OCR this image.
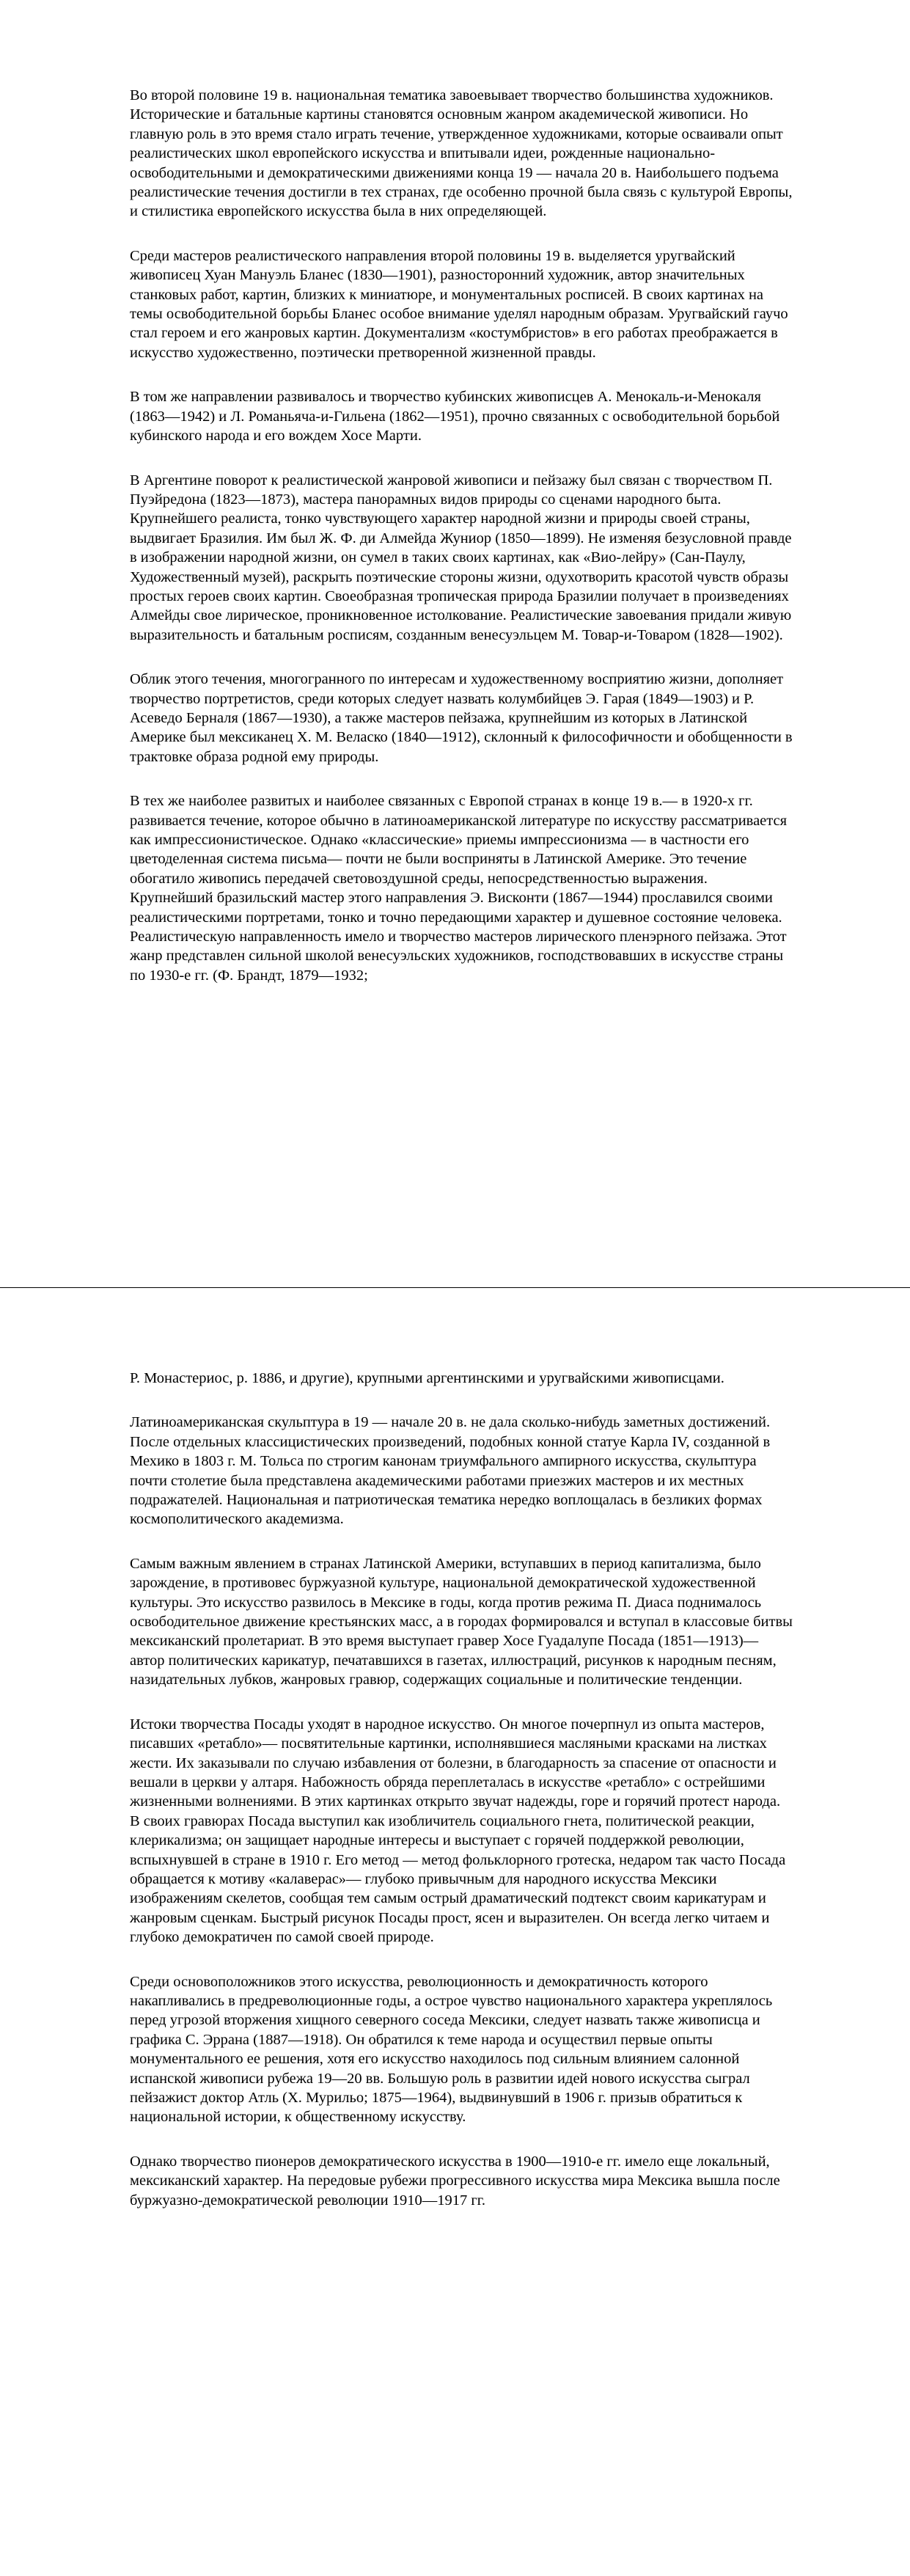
Во второй половине 19 в. национальная тематика завоевывает творчество большинства художников. Исторические и батальные картины становятся основным жанром академической живописи. Но главную роль в это время стало играть течение, утвержденное художниками, которые осваивали опыт реалистических школ европейского искусства и впитывали идеи, рожденные национально-освободительными и демократическими движениями конца 19 — начала 20 в. Наибольшего подъема реалистические течения достигли в тех странах, где особенно прочной была связь с культурой Европы, и стилистика европейского искусства была в них определяющей.

Среди мастеров реалистического направления второй половины 19 в. выделяется уругвайский живописец Хуан Мануэль Бланес (1830—1901), разносторонний художник, автор значительных станковых работ, картин, близких к миниатюре, и монументальных росписей. В своих картинах на темы освободительной борьбы Бланес особое внимание уделял народным образам. Уругвайский гаучо стал героем и его жанровых картин. Документализм «костумбристов» в его работах преображается в искусство художественно, поэтически претворенной жизненной правды.

В том же направлении развивалось и творчество кубинских живописцев А. Менокаль-и-Менокаля (1863—1942) и Л. Романьяча-и-Гильена (1862—1951), прочно связанных с освободительной борьбой кубинского народа и его вождем Хосе Марти.

В Аргентине поворот к реалистической жанровой живописи и пейзажу был связан с творчеством П. Пуэйредона (1823—1873), мастера панорамных видов природы со сценами народного быта. Крупнейшего реалиста, тонко чувствующего характер народной жизни и природы своей страны, выдвигает Бразилия. Им был Ж. Ф. ди Алмейда Жуниор (1850—1899). Не изменяя безусловной правде в изображении народной жизни, он сумел в таких своих картинах, как «Вио-лейру» (Сан-Паулу, Художественный музей), раскрыть поэтические стороны жизни, одухотворить красотой чувств образы простых героев своих картин. Своеобразная тропическая природа Бразилии получает в произведениях Алмейды свое лирическое, проникновенное истолкование. Реалистические завоевания придали живую выразительность и батальным росписям, созданным венесуэльцем М. Товар-и-Товаром (1828—1902).

Облик этого течения, многогранного по интересам и художественному восприятию жизни, дополняет творчество портретистов, среди которых следует назвать колумбийцев Э. Гарая (1849—1903) и Р. Асеведо Берналя (1867—1930), а также мастеров пейзажа, крупнейшим из которых в Латинской Америке был мексиканец Х. М. Веласко (1840—1912), склонный к философичности и обобщенности в трактовке образа родной ему природы.

В тех же наиболее развитых и наиболее связанных с Европой странах в конце 19 в.— в 1920-х гг. развивается течение, которое обычно в латиноамериканской литературе по искусству рассматривается как импрессионистическое. Однако «классические» приемы импрессионизма — в частности его цветоделенная система письма— почти не были восприняты в Латинской Америке. Это течение обогатило живопись передачей световоздушной среды, непосредственностью выражения. Крупнейший бразильский мастер этого направления Э. Висконти (1867—1944) прославился своими реалистическими портретами, тонко и точно передающими характер и душевное состояние человека. Реалистическую направленность имело и творчество мастеров лирического пленэрного пейзажа. Этот жанр представлен сильной школой венесуэльских художников, господствовавших в искусстве страны по 1930-е гг. (Ф. Брандт, 1879—1932;

Р. Монастериос, р. 1886, и другие), крупными аргентинскими и уругвайскими живописцами.

Латиноамериканская скульптура в 19 — начале 20 в. не дала сколько-нибудь заметных достижений. После отдельных классицистических произведений, подобных конной статуе Карла IV, созданной в Мехико в 1803 г. М. Тольса по строгим канонам триумфального ампирного искусства, скульптура почти столетие была представлена академическими работами приезжих мастеров и их местных подражателей. Национальная и патриотическая тематика нередко воплощалась в безликих формах космополитического академизма.

Самым важным явлением в странах Латинской Америки, вступавших в период капитализма, было зарождение, в противовес буржуазной культуре, национальной демократической художественной культуры. Это искусство развилось в Мексике в годы, когда против режима П. Диаса поднималось освободительное движение крестьянских масс, а в городах формировался и вступал в классовые битвы мексиканский пролетариат. В это время выступает гравер Хосе Гуадалупе Посада (1851—1913)— автор политических карикатур, печатавшихся в газетах, иллюстраций, рисунков к народным песням, назидательных лубков, жанровых гравюр, содержащих социальные и политические тенденции.

Истоки творчества Посады уходят в народное искусство. Он многое почерпнул из опыта мастеров, писавших «ретабло»— посвятительные картинки, исполнявшиеся масляными красками на листках жести. Их заказывали по случаю избавления от болезни, в благодарность за спасение от опасности и вешали в церкви у алтаря. Набожность обряда переплеталась в искусстве «ретабло» с острейшими жизненными волнениями. В этих картинках открыто звучат надежды, горе и горячий протест народа. В своих гравюрах Посада выступил как изобличитель социального гнета, политической реакции, клерикализма; он защищает народные интересы и выступает с горячей поддержкой революции, вспыхнувшей в стране в 1910 г. Его метод — метод фольклорного гротеска, недаром так часто Посада обращается к мотиву «калаверас»— глубоко привычным для народного искусства Мексики изображениям скелетов, сообщая тем самым острый драматический подтекст своим карикатурам и жанровым сценкам. Быстрый рисунок Посады прост, ясен и выразителен. Он всегда легко читаем и глубоко демократичен по самой своей природе.

Среди основоположников этого искусства, революционность и демократичность которого накапливались в предреволюционные годы, а острое чувство национального характера укреплялось перед угрозой вторжения хищного северного соседа Мексики, следует назвать также живописца и графика С. Эррана (1887—1918). Он обратился к теме народа и осуществил первые опыты монументального ее решения, хотя его искусство находилось под сильным влиянием салонной испанской живописи рубежа 19—20 вв. Большую роль в развитии идей нового искусства сыграл пейзажист доктор Атль (Х. Мурильо; 1875—1964), выдвинувший в 1906 г. призыв обратиться к национальной истории, к общественному искусству.

Однако творчество пионеров демократического искусства в 1900—1910-е гг. имело еще локальный, мексиканский характер. На передовые рубежи прогрессивного искусства мира Мексика вышла после буржуазно-демократической революции 1910—1917 гг.
